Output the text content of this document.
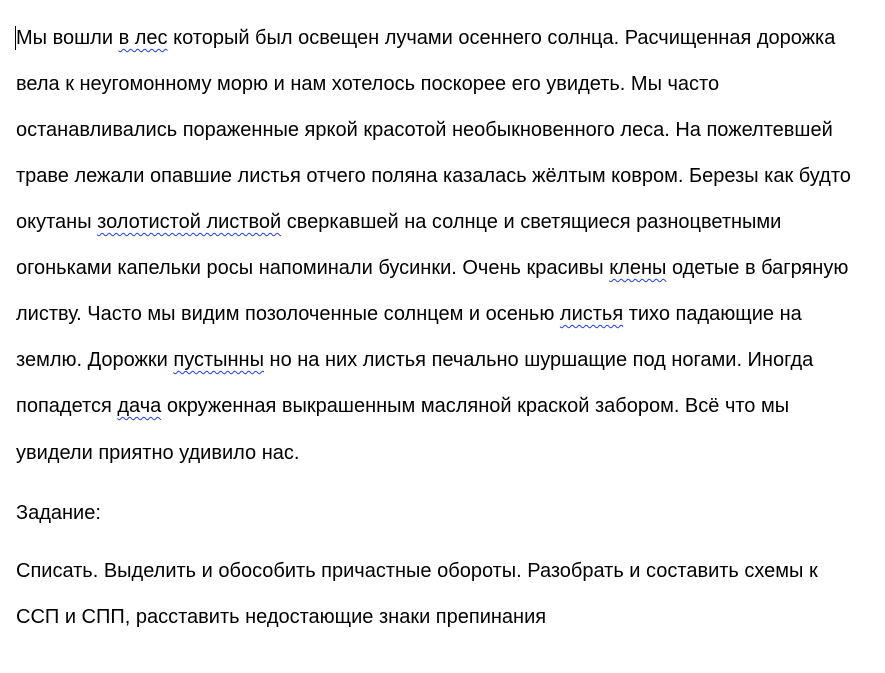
Мы вошли в лес который был освещен лучами осеннего солнца. Расчищенная дорожка
вела к неугомонному морю и нам хотелось поскорее его увидеть. Мы часто
останавливались пораженные яркой красотой необыкновенного леса. На пожелтевшей
траве лежали опавшие листья отчего поляна казалась жёлтым ковром. Березы как будто
окутаны золотистой листвой сверкавшей на солнце и светящиеся разноцветными
огоньками капельки росы напоминали бусинки. Очень красивы клены одетые в багряную
листву. Часто мы видим позолоченные солнцем и осенью листья тихо падающие на
землю. Дорожки пустынны но на них листья печально шуршащие под ногами. Иногда
попадется дача окруженная выкрашенным масляной краской забором. Всё что мы
увидели приятно удивило нас.
Задание:
Списать. Выделить и обособить причастные обороты. Разобрать и составить схемы к
ССП и СПП, расставить недостающие знаки препинания
